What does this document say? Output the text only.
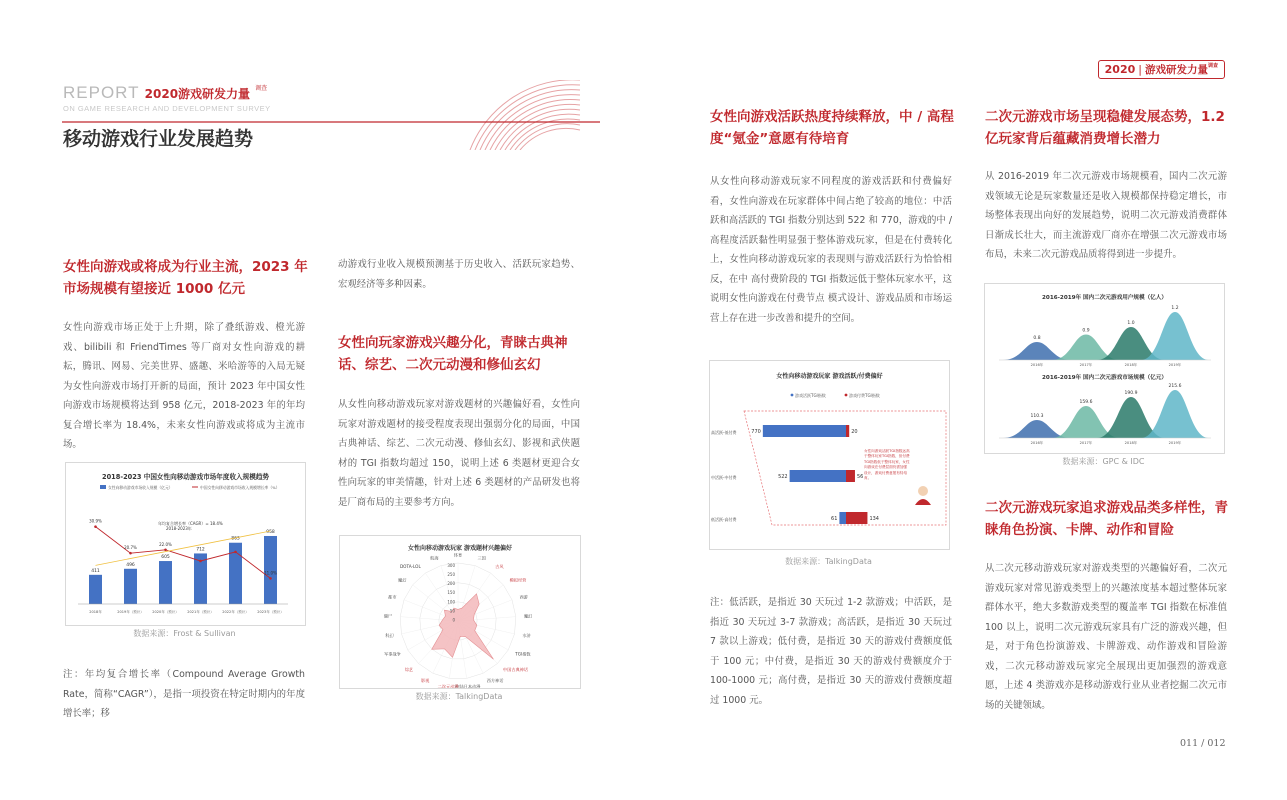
REPORT 2020游戏研发力量 $^{调查}$
ON GAME RESEARCH AND DEVELOPMENT SURVEY
移动游戏行业发展趋势
2020 | 游戏研发力量$^{调查}$
女性向游戏或将成为行业主流，2023 年市场规模有望接近 1000 亿元
女性向游戏市场正处于上升期，除了叠纸游戏、橙光游戏、bilibili 和 FriendTimes 等厂商对女性向游戏的耕耘，腾讯、网易、完美世界、盛趣、米哈游等的入局无疑为女性向游戏市场打开新的局面，预计 2023 年中国女性向游戏市场规模将达到 958 亿元，2018-2023 年的年均复合增长率为 18.4%，未来女性向游戏或将成为主流市场。
2018-2023 中国女性向移动游戏市场年度收入规模趋势
女性向移动游戏市场收入规模（亿元）	中国女性向移动游戏市场收入规模增长率（%）
411
2018年
496
2019年（预计）
605
2020年（预计）
712
2021年（预计）
863
2022年（预计）
958
2023年（预计）
30.9%
20.7%
22.0%
11.0%
年均复合增长率（CAGR）= 18.4%
2018-2023年
数据来源：Frost & Sullivan
注：年均复合增长率（Compound Average Growth Rate，简称“CAGR”），是指一项投资在特定时期内的年度增长率；移
动游戏行业收入规模预测基于历史收入、活跃玩家趋势、宏观经济等多种因素。
女性向玩家游戏兴趣分化，青睐古典神话、综艺、二次元动漫和修仙玄幻
从女性向移动游戏玩家对游戏题材的兴趣偏好看，女性向玩家对游戏题材的接受程度表现出强弱分化的局面，中国古典神话、综艺、二次元动漫、修仙玄幻、影视和武侠题材的 TGI 指数均超过 150，说明上述 6 类题材更迎合女性向玩家的审美情趣，针对上述 6 类题材的产品研发也将是厂商布局的主要参考方向。
女性向移动游戏玩家 游戏题材兴趣偏好
300
250
200
150
100
50
0
体育
三国
古风
模拟经营
西游
魔幻
水浒
TGI指数
中国古典神话
西方神话
欧陆日本动漫
二次元动漫
影视
综艺
军事战争
科幻
僵尸
都市
魔幻
DOTA-LOL
航海
数据来源：TalkingData
女性向游戏活跃热度持续释放，中 / 高程度“氪金”意愿有待培育
从女性向移动游戏玩家不同程度的游戏活跃和付费偏好看，女性向游戏在玩家群体中间占绝了较高的地位：中活跃和高活跃的 TGI 指数分别达到 522 和 770，游戏的中 / 高程度活跃黏性明显强于整体游戏玩家，但是在付费转化上，女性向移动游戏玩家的表现则与游戏活跃行为恰恰相反，在中 高付费阶段的 TGI 指数远低于整体玩家水平，这说明女性向游戏在付费节点 模式设计、游戏品质和市场运营上存在进一步改善和提升的空间。
女性向移动游戏玩家 游戏活跃/付费偏好
游戏活跃TGI指数	游戏付费TGI指数
高活跃-低付费	770	20
中活跃-中付费	522	56
低活跃-高付费	61	134
女性向游戏活跃TGI指数远高于整体玩家TGI指数，但付费TGI指数低于整体玩家，女性向游戏在付费层面仍需加强设计，游戏付费意愿有待培育。
数据来源：TalkingData
注：低活跃，是指近 30 天玩过 1-2 款游戏；中活跃，是指近 30 天玩过 3-7 款游戏；高活跃，是指近 30 天玩过 7 款以上游戏；低付费，是指近 30 天的游戏付费额度低于 100 元；中付费，是指近 30 天的游戏付费额度介于 100-1000 元；高付费，是指近 30 天的游戏付费额度超过 1000 元。
二次元游戏市场呈现稳健发展态势，1.2 亿玩家背后蕴藏消费增长潜力
从 2016-2019 年二次元游戏市场规模看，国内二次元游戏领域无论是玩家数量还是收入规模都保持稳定增长，市场整体表现出向好的发展趋势，说明二次元游戏消费群体日渐成长壮大，而主流游戏厂商亦在增强二次元游戏市场布局，未来二次元游戏品质将得到进一步提升。
2016-2019年 国内二次元游戏用户规模（亿人）
0.8
2016年
0.9
2017年
1.0
2018年
1.2
2019年
2016-2019年 国内二次元游戏市场规模（亿元）
110.3
2016年
159.6
2017年
190.9
2018年
215.6
2019年
数据来源：GPC & IDC
二次元游戏玩家追求游戏品类多样性，青睐角色扮演、卡牌、动作和冒险
从二次元移动游戏玩家对游戏类型的兴趣偏好看，二次元游戏玩家对常见游戏类型上的兴趣浓度基本超过整体玩家群体水平，绝大多数游戏类型的覆盖率 TGI 指数在标准值 100 以上，说明二次元游戏玩家具有广泛的游戏兴趣，但是，对于角色扮演游戏、卡牌游戏、动作游戏和冒险游戏，二次元移动游戏玩家完全展现出更加强烈的游戏意愿，上述 4 类游戏亦是移动游戏行业从业者挖掘二次元市场的关键领域。
011 / 012
